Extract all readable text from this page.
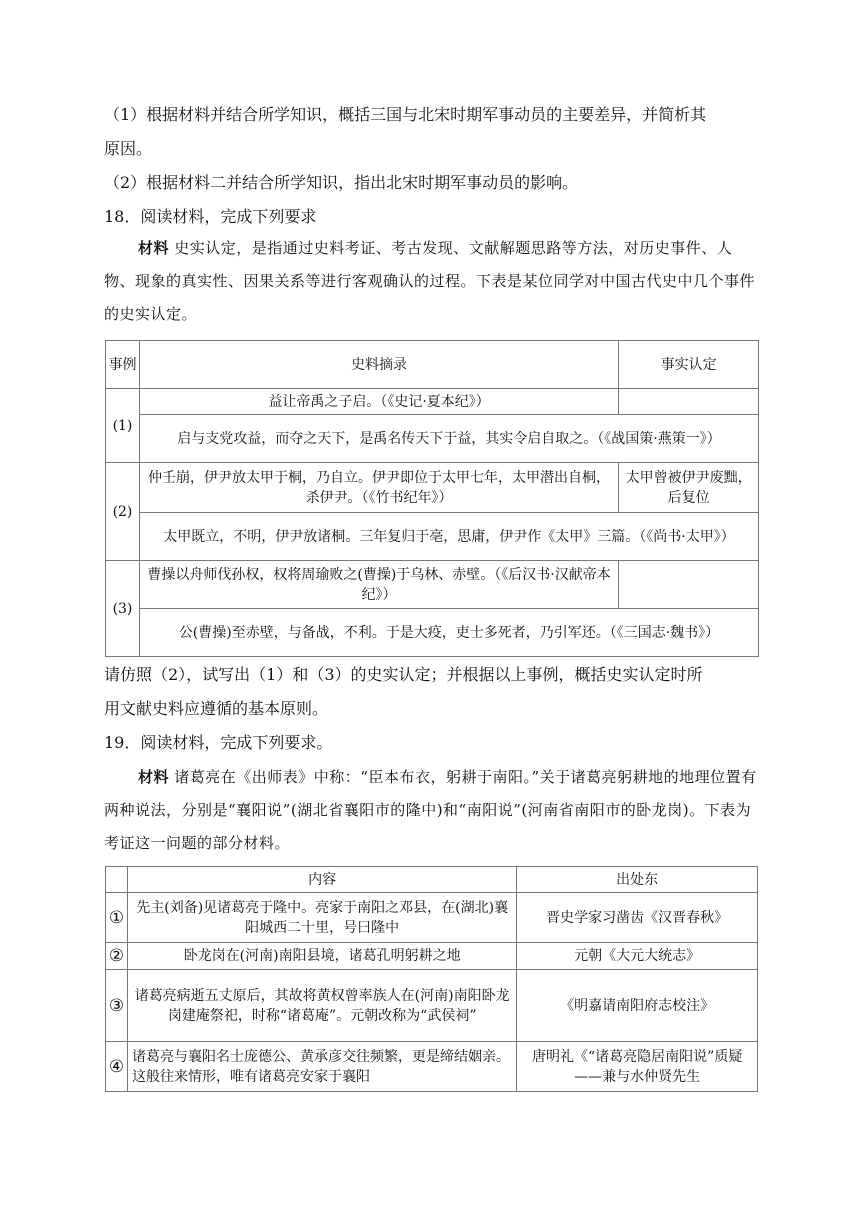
（1）根据材料并结合所学知识，概括三国与北宋时期军事动员的主要差异，并简析其
原因。
（2）根据材料二并结合所学知识，指出北宋时期军事动员的影响。
18．阅读材料，完成下列要求
材料 史实认定，是指通过史料考证、考古发现、文献解题思路等方法，对历史事件、人物、现象的真实性、因果关系等进行客观确认的过程。下表是某位同学对中国古代史中几个事件的史实认定。
事例	史料摘录	事实认定
(1)	益让帝禹之子启。（《史记·夏本纪》）	
	启与支党攻益，而夺之天下，是禹名传天下于益，其实令启自取之。（《战国策·燕策一》）	
(2)	仲壬崩，伊尹放太甲于桐，乃自立。伊尹即位于太甲七年，太甲潜出自桐，杀伊尹。（《竹书纪年》）	太甲曾被伊尹废黜，后复位
	太甲既立，不明，伊尹放诸桐。三年复归于亳，思庸，伊尹作《太甲》三篇。（《尚书·太甲》）	
(3)	曹操以舟师伐孙权，权将周瑜败之(曹操)于乌林、赤壁。（《后汉书·汉献帝本纪》）	
	公(曹操)至赤壁，与备战，不利。于是大疫，吏士多死者，乃引军还。（《三国志·魏书》）	
请仿照（2），试写出（1）和（3）的史实认定；并根据以上事例，概括史实认定时所
用文献史料应遵循的基本原则。
19．阅读材料，完成下列要求。
材料 诸葛亮在《出师表》中称：“臣本布衣，躬耕于南阳。”关于诸葛亮躬耕地的地理位置有两种说法，分别是“襄阳说”(湖北省襄阳市的隆中)和“南阳说”(河南省南阳市的卧龙岗)。下表为考证这一问题的部分材料。
	内容	出处东
①	先主(刘备)见诸葛亮于隆中。亮家于南阳之邓县，在(湖北)襄阳城西二十里，号曰隆中	晋史学家习凿齿《汉晋春秋》
②	卧龙岗在(河南)南阳县境，诸葛孔明躬耕之地	元朝《大元大统志》
③	诸葛亮病逝五丈原后，其故将黄权曾率族人在(河南)南阳卧龙岗建庵祭祀，时称“诸葛庵”。元朝改称为“武侯祠”	《明嘉请南阳府志校注》
④	诸葛亮与襄阳名士庞德公、黄承彦交往频繁，更是缔结姻亲。这般往来情形，唯有诸葛亮安家于襄阳	唐明礼《“诸葛亮隐居南阳说”质疑——兼与水仲贤先生
